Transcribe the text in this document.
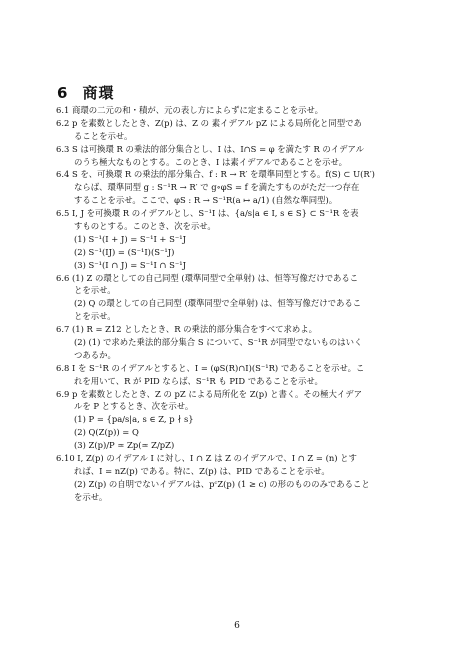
6 商環
6.1 商環の二元の和・積が、元の表し方によらずに定まることを示せ。
6.2 p を素数としたとき、Z(p) は、Z の 素イデアル pZ による局所化と同型であ
ることを示せ。
6.3 S は可換環 R の乗法的部分集合とし、I は、I∩S = φ を満たす R のイデアル
のうち極大なものとする。このとき、I は素イデアルであることを示せ。
6.4 S を、可換環 R の乗法的部分集合、f : R → R′ を環準同型とする。f(S) ⊂ U(R′)
ならば、環準同型 g : S⁻¹R → R′ で g∘φS = f を満たすものがただ一つ存在
することを示せ。ここで、φS : R → S⁻¹R(a ↦ a/1) (自然な準同型)。
6.5 I, J を可換環 R のイデアルとし、S⁻¹I は、{a/s|a ∈ I, s ∈ S} ⊂ S⁻¹R を表
すものとする。このとき、次を示せ。
(1) S⁻¹(I + J) = S⁻¹I + S⁻¹J
(2) S⁻¹(IJ) = (S⁻¹I)(S⁻¹J)
(3) S⁻¹(I ∩ J) = S⁻¹I ∩ S⁻¹J
6.6 (1) Z の環としての自己同型 (環準同型で全単射) は、恒等写像だけであるこ
とを示せ。
(2) Q の環としての自己同型 (環準同型で全単射) は、恒等写像だけであるこ
とを示せ。
6.7 (1) R = Z12 としたとき、R の乗法的部分集合をすべて求めよ。
(2) (1) で求めた乗法的部分集合 S について、S⁻¹R が同型でないものはいく
つあるか。
6.8 I を S⁻¹R のイデアルとすると、I = (φS(R)∩I)(S⁻¹R) であることを示せ。こ
れを用いて、R が PID ならば、S⁻¹R も PID であることを示せ。
6.9 p を素数としたとき、Z の pZ による局所化を Z(p) と書く。その極大イデア
ルを P とするとき、次を示せ。
(1) P = {pa/s|a, s ∈ Z, p ∤ s}
(2) Q(Z(p)) = Q
(3) Z(p)/P ≃ Zp(≃ Z/pZ)
6.10 I, Z(p) のイデアル I に対し、I ∩ Z は Z のイデアルで、I ∩ Z = (n) とす
れば、I = nZ(p) である。特に、Z(p) は、PID であることを示せ。
(2) Z(p) の自明でないイデアルは、pᶜZ(p) (1 ≥ c) の形のもののみであること
を示せ。
6
